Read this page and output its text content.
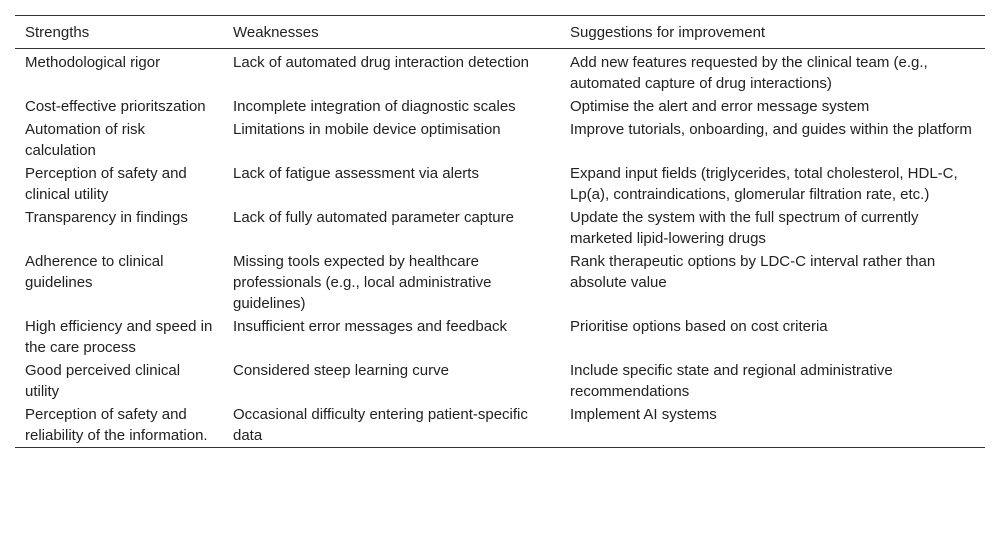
Strengths	Weaknesses	Suggestions for improvement
Methodological rigor	Lack of automated drug interaction detection	Add new features requested by the clinical team (e.g., automated capture of drug interactions)
Cost-effective prioritszation	Incomplete integration of diagnostic scales	Optimise the alert and error message system
Automation of risk calculation	Limitations in mobile device optimisation	Improve tutorials, onboarding, and guides within the platform
Perception of safety and clinical utility	Lack of fatigue assessment via alerts	Expand input fields (triglycerides, total cholesterol, HDL-C, Lp(a), contraindications, glomerular filtration rate, etc.)
Transparency in findings	Lack of fully automated parameter capture	Update the system with the full spectrum of currently marketed lipid-lowering drugs
Adherence to clinical guidelines	Missing tools expected by healthcare professionals (e.g., local administrative guidelines)	Rank therapeutic options by LDC-C interval rather than absolute value
High efficiency and speed in the care process	Insufficient error messages and feedback	Prioritise options based on cost criteria
Good perceived clinical utility	Considered steep learning curve	Include specific state and regional administrative recommendations
Perception of safety and reliability of the information.	Occasional difficulty entering patient-specific data	Implement AI systems
